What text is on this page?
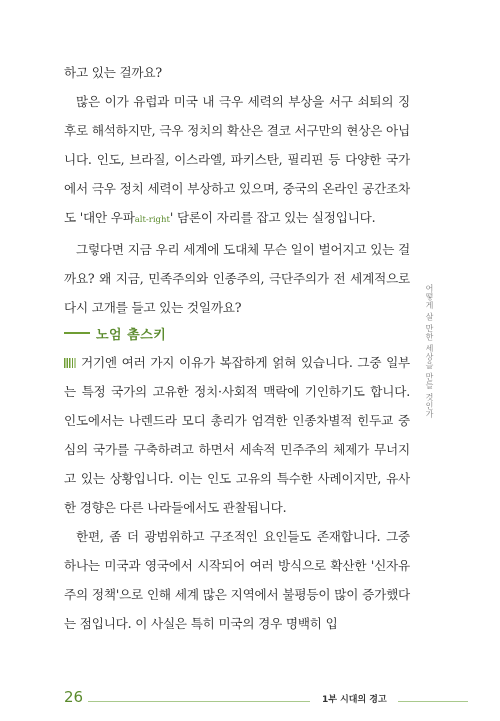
하고 있는 걸까요?

많은 이가 유럽과 미국 내 극우 세력의 부상을 서구 쇠퇴의 징후로 해석하지만, 극우 정치의 확산은 결코 서구만의 현상은 아닙니다. 인도, 브라질, 이스라엘, 파키스탄, 필리핀 등 다양한 국가에서 극우 정치 세력이 부상하고 있으며, 중국의 온라인 공간조차도 '대안 우파alt-right' 담론이 자리를 잡고 있는 실정입니다.

그렇다면 지금 우리 세계에 도대체 무슨 일이 벌어지고 있는 걸까요? 왜 지금, 민족주의와 인종주의, 극단주의가 전 세계적으로 다시 고개를 들고 있는 것일까요?

노엄 촘스키

거기엔 여러 가지 이유가 복잡하게 얽혀 있습니다. 그중 일부는 특정 국가의 고유한 정치·사회적 맥락에 기인하기도 합니다. 인도에서는 나렌드라 모디 총리가 엄격한 인종차별적 힌두교 중심의 국가를 구축하려고 하면서 세속적 민주주의 체제가 무너지고 있는 상황입니다. 이는 인도 고유의 특수한 사례이지만, 유사한 경향은 다른 나라들에서도 관찰됩니다.

한편, 좀 더 광범위하고 구조적인 요인들도 존재합니다. 그중 하나는 미국과 영국에서 시작되어 여러 방식으로 확산한 '신자유주의 정책'으로 인해 세계 많은 지역에서 불평등이 많이 증가했다는 점입니다. 이 사실은 특히 미국의 경우 명백히 입

어떻게 살 만한 세상을 만들 것인가
26	1부 시대의 경고
